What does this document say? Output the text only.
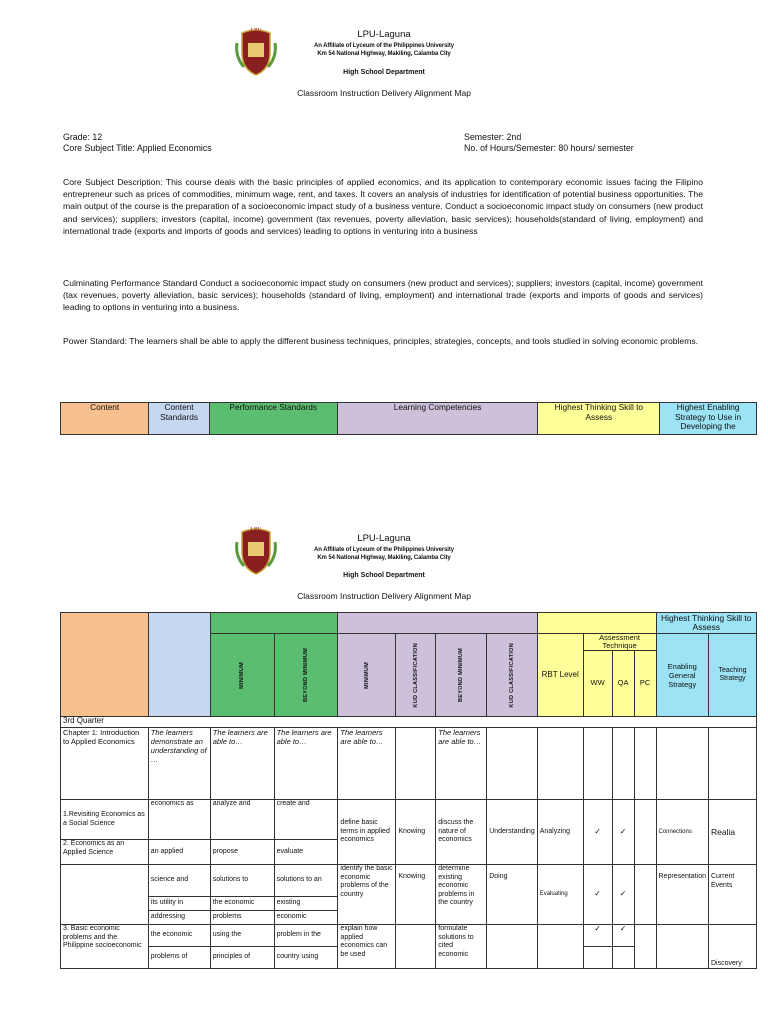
LPU	LPU-Laguna
An Affiliate of Lyceum of the Philippines University
Km 54 National Highway, Makiling, Calamba City
High School Department
Classroom Instruction Delivery Alignment Map
Grade: 12
Core Subject Title: Applied Economics
Semester: 2nd
No. of Hours/Semester: 80 hours/ semester
Core Subject Description: This course deals with the basic principles of applied economics, and its application to contemporary economic issues facing the Filipino entrepreneur such as prices of commodities, minimum wage, rent, and taxes. It covers an analysis of industries for identification of potential business opportunities. The main output of the course is the preparation of a socioeconomic impact study of a business venture. Conduct a socioeconomic impact study on consumers (new product and services); suppliers; investors (capital, income) government (tax revenues, poverty alleviation, basic services); households(standard of living, employment) and international trade (exports and imports of goods and services) leading to options in venturing into a business
Culminating Performance Standard Conduct a socioeconomic impact study on consumers (new product and services); suppliers; investors (capital, income) government (tax revenues, poverty alleviation, basic services); households (standard of living, employment) and international trade (exports and imports of goods and services) leading to options in venturing into a business.
Power Standard: The learners shall be able to apply the different business techniques, principles, strategies, concepts, and tools studied in solving economic problems.
Content	Content Standards	Performance Standards	Learning Competencies	Highest Thinking Skill to Assess	Highest Enabling Strategy to Use in Developing the
LPU
LPU-Laguna
An Affiliate of Lyceum of the Philippines University
Km 54 National Highway, Makiling, Calamba City
High School Department
Classroom Instruction Delivery Alignment Map
												Highest Thinking Skill to Assess	

		MINIMUM	BEYOND MINIMUM	MINIMUM	KUD CLASSIFICATION	BEYOND MINIMUM	KUD CLASSIFICATION	RBT Level	Assessment Technique			Enabling General Strategy	Teaching Strategy
									WW	QA	PC		
3rd Quarter													
Chapter 1: Introduction to Applied Economics	The learners demonstrate an understanding of …	The learners are able to…	The learners are able to…	The learners are able to…		The learners are able to…							
1.Revisiting Economics as a Social Science	economics as	analyze and	create and	define basic terms in applied economics	Knowing	discuss the nature of economics	Understanding	Analyzing	✓	✓		Connections	Realia
2. Economics as an Applied Science	an applied	propose	evaluate										
	science and	solutions to	solutions to an	identify the basic economic problems of the country	Knowing	determine existing economic problems in the country	Doing	Evaluating	✓	✓		Representation	Current Events
	its utility in	the economic	existing										
	addressing	problems	economic										
3. Basic economic problems and the Philippine socioeconomic	the economic	using the	problem in the	explain how applied economics can be used		formulate solutions to cited economic			✓	✓			Discovery
	problems of	principles of	country using										
